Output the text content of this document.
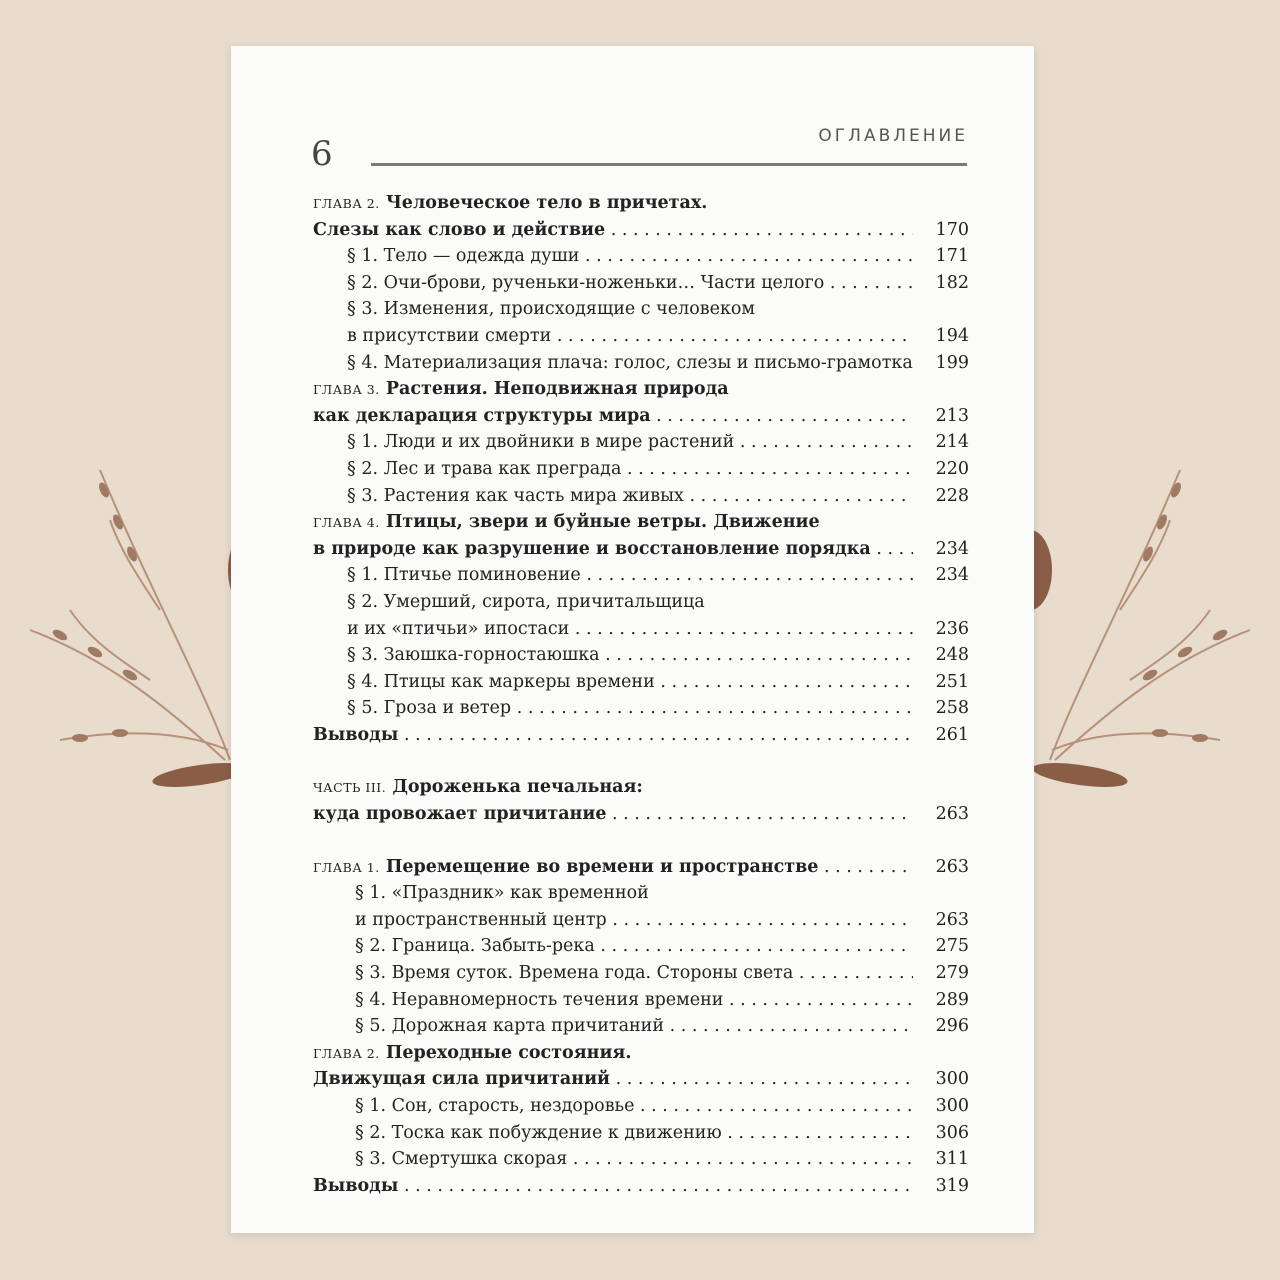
6	ОГЛАВЛЕНИЕ
ГЛАВА 2. Человеческое тело в причетах.
Слезы как слово и действие . . .	170
§ 1. Тело — одежда души . . .	171
§ 2. Очи-брови, рученьки-ноженьки… Части целого . . .	182
§ 3. Изменения, происходящие с человеком
в присутствии смерти . . .	194
§ 4. Материализация плача: голос, слезы и письмо-грамотка	199
ГЛАВА 3. Растения. Неподвижная природа
как декларация структуры мира . . .	213
§ 1. Люди и их двойники в мире растений . . .	214
§ 2. Лес и трава как преграда . . .	220
§ 3. Растения как часть мира живых . . .	228
ГЛАВА 4. Птицы, звери и буйные ветры. Движение
в природе как разрушение и восстановление порядка . . .	234
§ 1. Птичье поминовение . . .	234
§ 2. Умерший, сирота, причитальщица
и их «птичьи» ипостаси . . .	236
§ 3. Заюшка-горностаюшка . . .	248
§ 4. Птицы как маркеры времени . . .	251
§ 5. Гроза и ветер . . .	258
Выводы . . .	261
ЧАСТЬ III. Дороженька печальная:
куда провожает причитание . . .	263
ГЛАВА 1. Перемещение во времени и пространстве . . .	263
§ 1. «Праздник» как временной
и пространственный центр . . .	263
§ 2. Граница. Забыть-река . . .	275
§ 3. Время суток. Времена года. Стороны света . . .	279
§ 4. Неравномерность течения времени . . .	289
§ 5. Дорожная карта причитаний . . .	296
ГЛАВА 2. Переходные состояния.
Движущая сила причитаний . . .	300
§ 1. Сон, старость, нездоровье . . .	300
§ 2. Тоска как побуждение к движению . . .	306
§ 3. Смертушка скорая . . .	311
Выводы . . .	319
